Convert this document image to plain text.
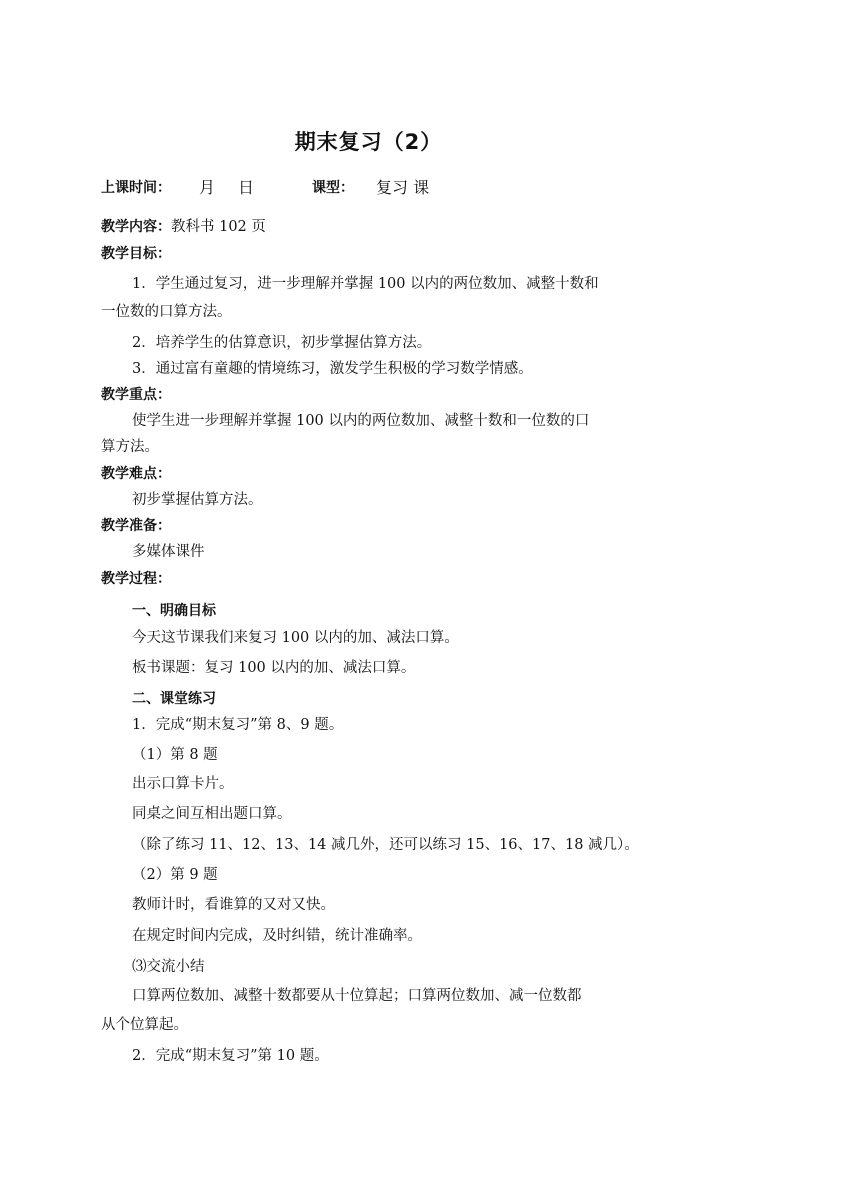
期末复习（2）
上课时间： 月 日	课型： 复习 课
教学内容：教科书 102 页
教学目标：
1．学生通过复习，进一步理解并掌握 100 以内的两位数加、减整十数和
一位数的口算方法。
2．培养学生的估算意识，初步掌握估算方法。
3．通过富有童趣的情境练习，激发学生积极的学习数学情感。
教学重点：
使学生进一步理解并掌握 100 以内的两位数加、减整十数和一位数的口
算方法。
教学难点：
初步掌握估算方法。
教学准备：
多媒体课件
教学过程：
一、明确目标
今天这节课我们来复习 100 以内的加、减法口算。
板书课题：复习 100 以内的加、减法口算。
二、课堂练习
1．完成“期末复习”第 8、9 题。
（1）第 8 题
出示口算卡片。
同桌之间互相出题口算。
（除了练习 11、12、13、14 减几外，还可以练习 15、16、17、18 减几）。
（2）第 9 题
教师计时，看谁算的又对又快。
在规定时间内完成，及时纠错，统计准确率。
⑶交流小结
口算两位数加、减整十数都要从十位算起；口算两位数加、减一位数都
从个位算起。
2．完成“期末复习”第 10 题。
